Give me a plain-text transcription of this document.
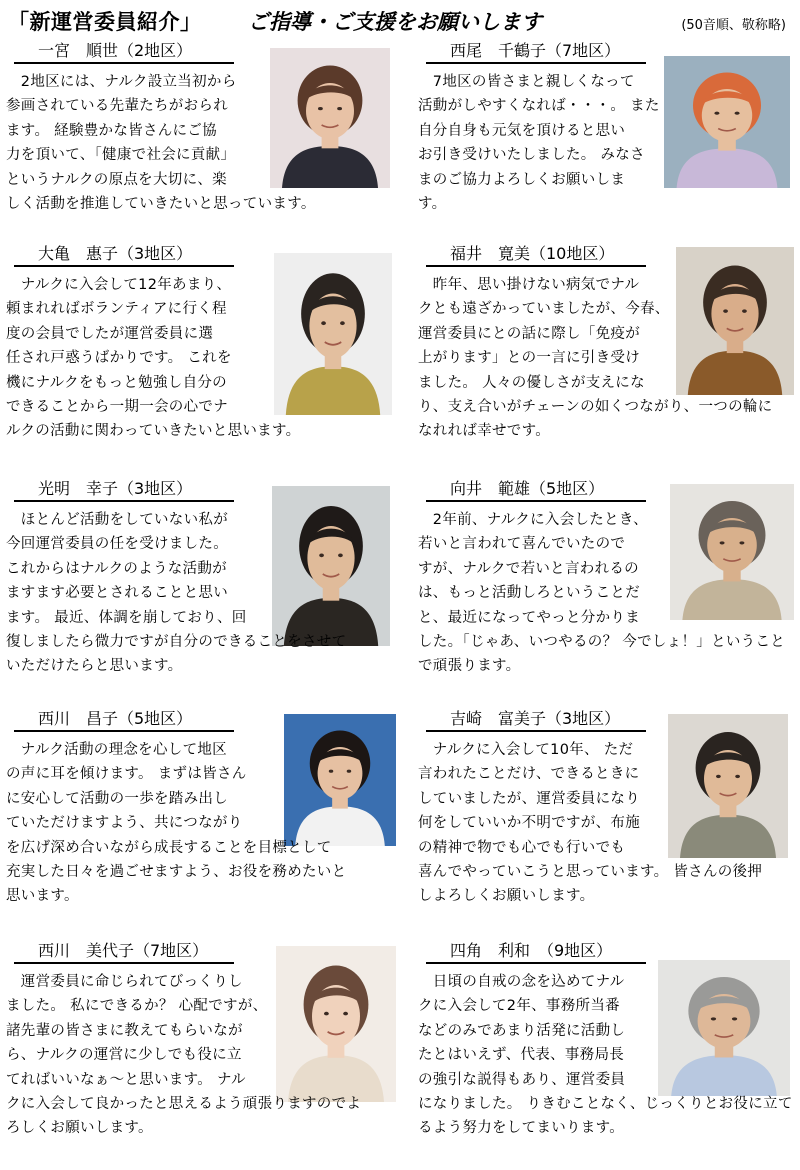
「新運営委員紹介」 ご指導・ご支援をお願いします	(50音順、敬称略)
一宮　順世（2地区）
　2地区には、ナルク設立当初から
参画されている先輩たちがおられ
ます。 経験豊かな皆さんにご協
力を頂いて、「健康で社会に貢献」
というナルクの原点を大切に、楽
しく活動を推進していきたいと思っています。
西尾　千鶴子（7地区）
　7地区の皆さまと親しくなって
活動がしやすくなれば・・・。 また
自分自身も元気を頂けると思い
お引き受けいたしました。 みなさ
まのご協力よろしくお願いしま
す。
大亀　惠子（3地区）
　ナルクに入会して12年あまり、
頼まれればボランティアに行く程
度の会員でしたが運営委員に選
任され戸惑うばかりです。 これを
機にナルクをもっと勉強し自分の
できることから一期一会の心でナ
ルクの活動に関わっていきたいと思います。
福井　寛美（10地区）
　昨年、思い掛けない病気でナル
クとも遠ざかっていましたが、今春、
運営委員にとの話に際し「免疫が
上がります」との一言に引き受け
ました。 人々の優しさが支えにな
り、支え合いがチェーンの如くつながり、一つの輪に
なれれば幸せです。
光明　幸子（3地区）
　ほとんど活動をしていない私が
今回運営委員の任を受けました。
これからはナルクのような活動が
ますます必要とされることと思い
ます。 最近、体調を崩しており、回
復しましたら微力ですが自分のできることをさせて
いただけたらと思います。
向井　範雄（5地区）
　2年前、ナルクに入会したとき、
若いと言われて喜んでいたので
すが、ナルクで若いと言われるの
は、もっと活動しろということだ
と、最近になってやっと分かりま
した。「じゃあ、いつやるの？ 今でしょ！」ということ
で頑張ります。
西川　昌子（5地区）
　ナルク活動の理念を心して地区
の声に耳を傾けます。 まずは皆さん
に安心して活動の一歩を踏み出し
ていただけますよう、共につながり
を広げ深め合いながら成長することを目標として
充実した日々を過ごせますよう、お役を務めたいと
思います。
吉崎　富美子（3地区）
　ナルクに入会して10年、 ただ
言われたことだけ、できるときに
していましたが、運営委員になり
何をしていいか不明ですが、布施
の精神で物でも心でも行いでも
喜んでやっていこうと思っています。 皆さんの後押
しよろしくお願いします。
西川　美代子（7地区）
　運営委員に命じられてびっくりし
ました。 私にできるか？ 心配ですが、
諸先輩の皆さまに教えてもらいなが
ら、ナルクの運営に少しでも役に立
てればいいなぁ～と思います。 ナル
クに入会して良かったと思えるよう頑張りますのでよ
ろしくお願いします。
四角　利和　（9地区）
　日頃の自戒の念を込めてナル
クに入会して2年、事務所当番
などのみであまり活発に活動し
たとはいえず、代表、事務局長
の強引な説得もあり、運営委員
になりました。 りきむことなく、じっくりとお役に立て
るよう努力をしてまいります。
